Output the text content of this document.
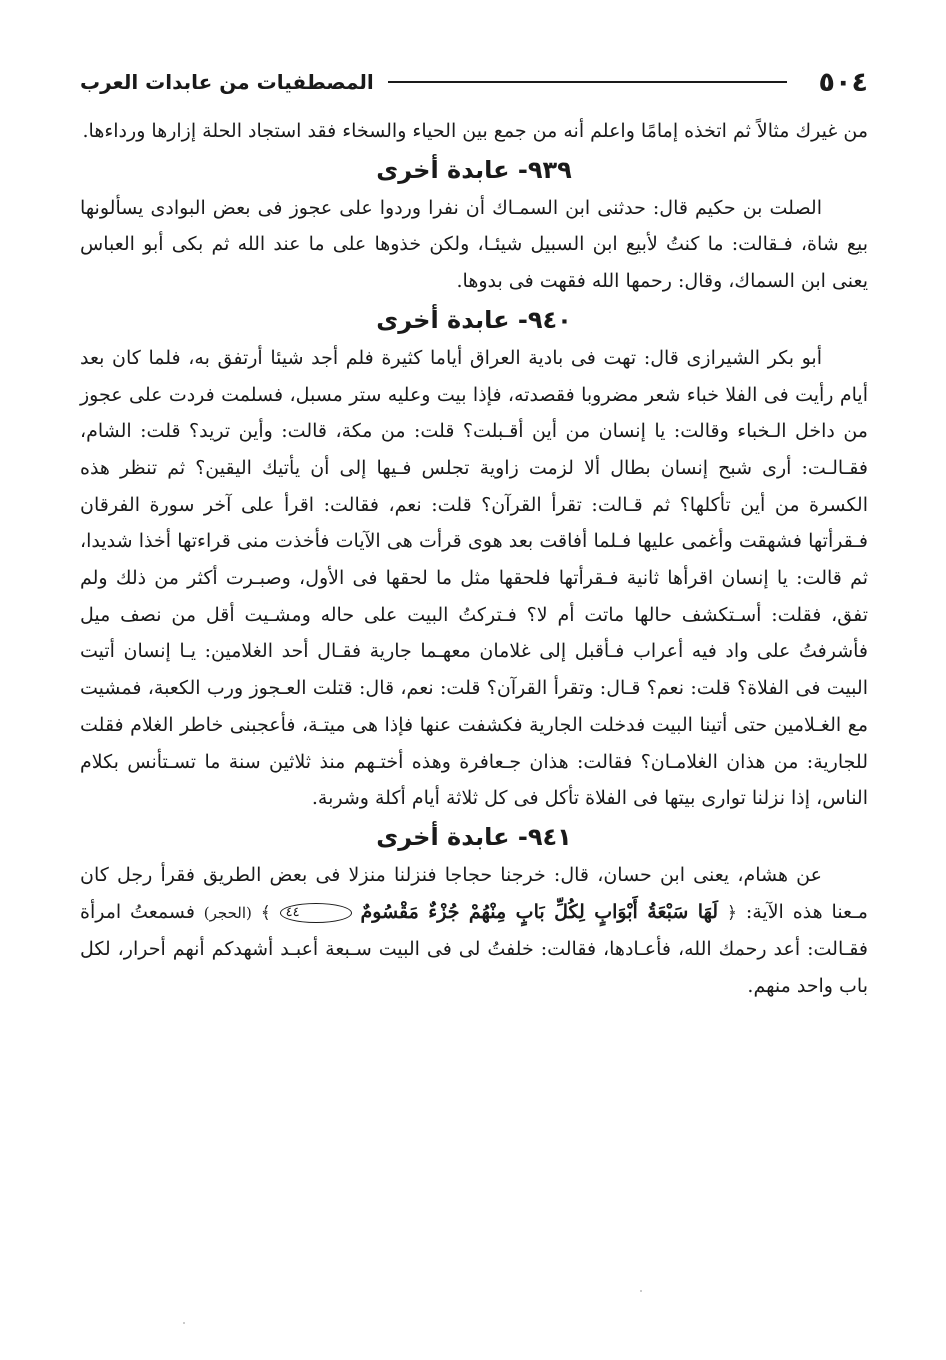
٥٠٤
المصطفيات من عابدات العرب

من غيرك مثالاً ثم اتخذه إمامًا واعلم أنه من جمع بين الحياء والسخاء فقد استجاد الحلة إزارها ورداءها.

٩٣٩- عابدة أخرى

الصلت بن حكيم قال: حدثنى ابن السمـاك أن نفرا وردوا على عجوز فى بعض البوادى يسألونها بيع شاة، فـقالت: ما كنتُ لأبيع ابن السبيل شيئـا، ولكن خذوها على ما عند الله ثم بكى أبو العباس يعنى ابن السماك، وقال: رحمها الله فقهت فى بدوها.

٩٤٠- عابدة أخرى

أبو بكر الشيرازى قال: تهت فى بادية العراق أياما كثيرة فلم أجد شيئا أرتفق به، فلما كان بعد أيام رأيت فى الفلا خباء شعر مضروبا فقصدته، فإذا بيت وعليه ستر مسبل، فسلمت فردت على عجوز من داخل الـخباء وقالت: يا إنسان من أين أقـبلت؟ قلت: من مكة، قالت: وأين تريد؟ قلت: الشام، فقـالـت: أرى شبح إنسان بطال ألا لزمت زاوية تجلس فـيها إلى أن يأتيك اليقين؟ ثم تنظر هذه الكسرة من أين تأكلها؟ ثم قـالت: تقرأ القرآن؟ قلت: نعم، فقالت: اقرأ على آخر سورة الفرقان فـقرأتها فشهقت وأغمى عليها فـلما أفاقت بعد هوى قرأت هى الآيات فأخذت منى قراءتها أخذا شديدا، ثم قالت: يا إنسان اقرأها ثانية فـقرأتها فلحقها مثل ما لحقها فى الأول، وصبـرت أكثر من ذلك ولم تفق، فقلت: أسـتكشف حالها ماتت أم لا؟ فـتركتُ البيت على حاله ومشـيت أقل من نصف ميل فأشرفتُ على واد فيه أعراب فـأقبل إلى غلامان معهـما جارية فقـال أحد الغلامين: يـا إنسان أتيت البيت فى الفلاة؟ قلت: نعم؟ قـال: وتقرأ القرآن؟ قلت: نعم، قال: قتلت العـجوز ورب الكعبة، فمشيت مع الغـلامين حتى أتينا البيت فدخلت الجارية فكشفت عنها فإذا هى ميتـة، فأعجبنى خاطر الغلام فقلت للجارية: من هذان الغلامـان؟ فقالت: هذان جـعافرة وهذه أختـهم منذ ثلاثين سنة ما تسـتأنس بكلام الناس، إذا نزلنا توارى بيتها فى الفلاة تأكل فى كل ثلاثة أيام أكلة وشربة.

٩٤١- عابدة أخرى

عن هشام، يعنى ابن حسان، قال: خرجنا حجاجا فنزلنا منزلا فى بعض الطريق فقرأ رجل كان مـعنا هذه الآية: ﴿ لَهَا سَبْعَةُ أَبْوَابٍ لِكُلِّ بَابٍ مِنْهُمْ جُزْءٌ مَقْسُومٌ ٤٤ ﴾ (الحجر) فسمعتُ امرأة فقـالت: أعد رحمك الله، فأعـادها، فقالت: خلفتُ لى فى البيت سـبعة أعبـد أشهدكم أنهم أحرار، لكل باب واحد منهم.
